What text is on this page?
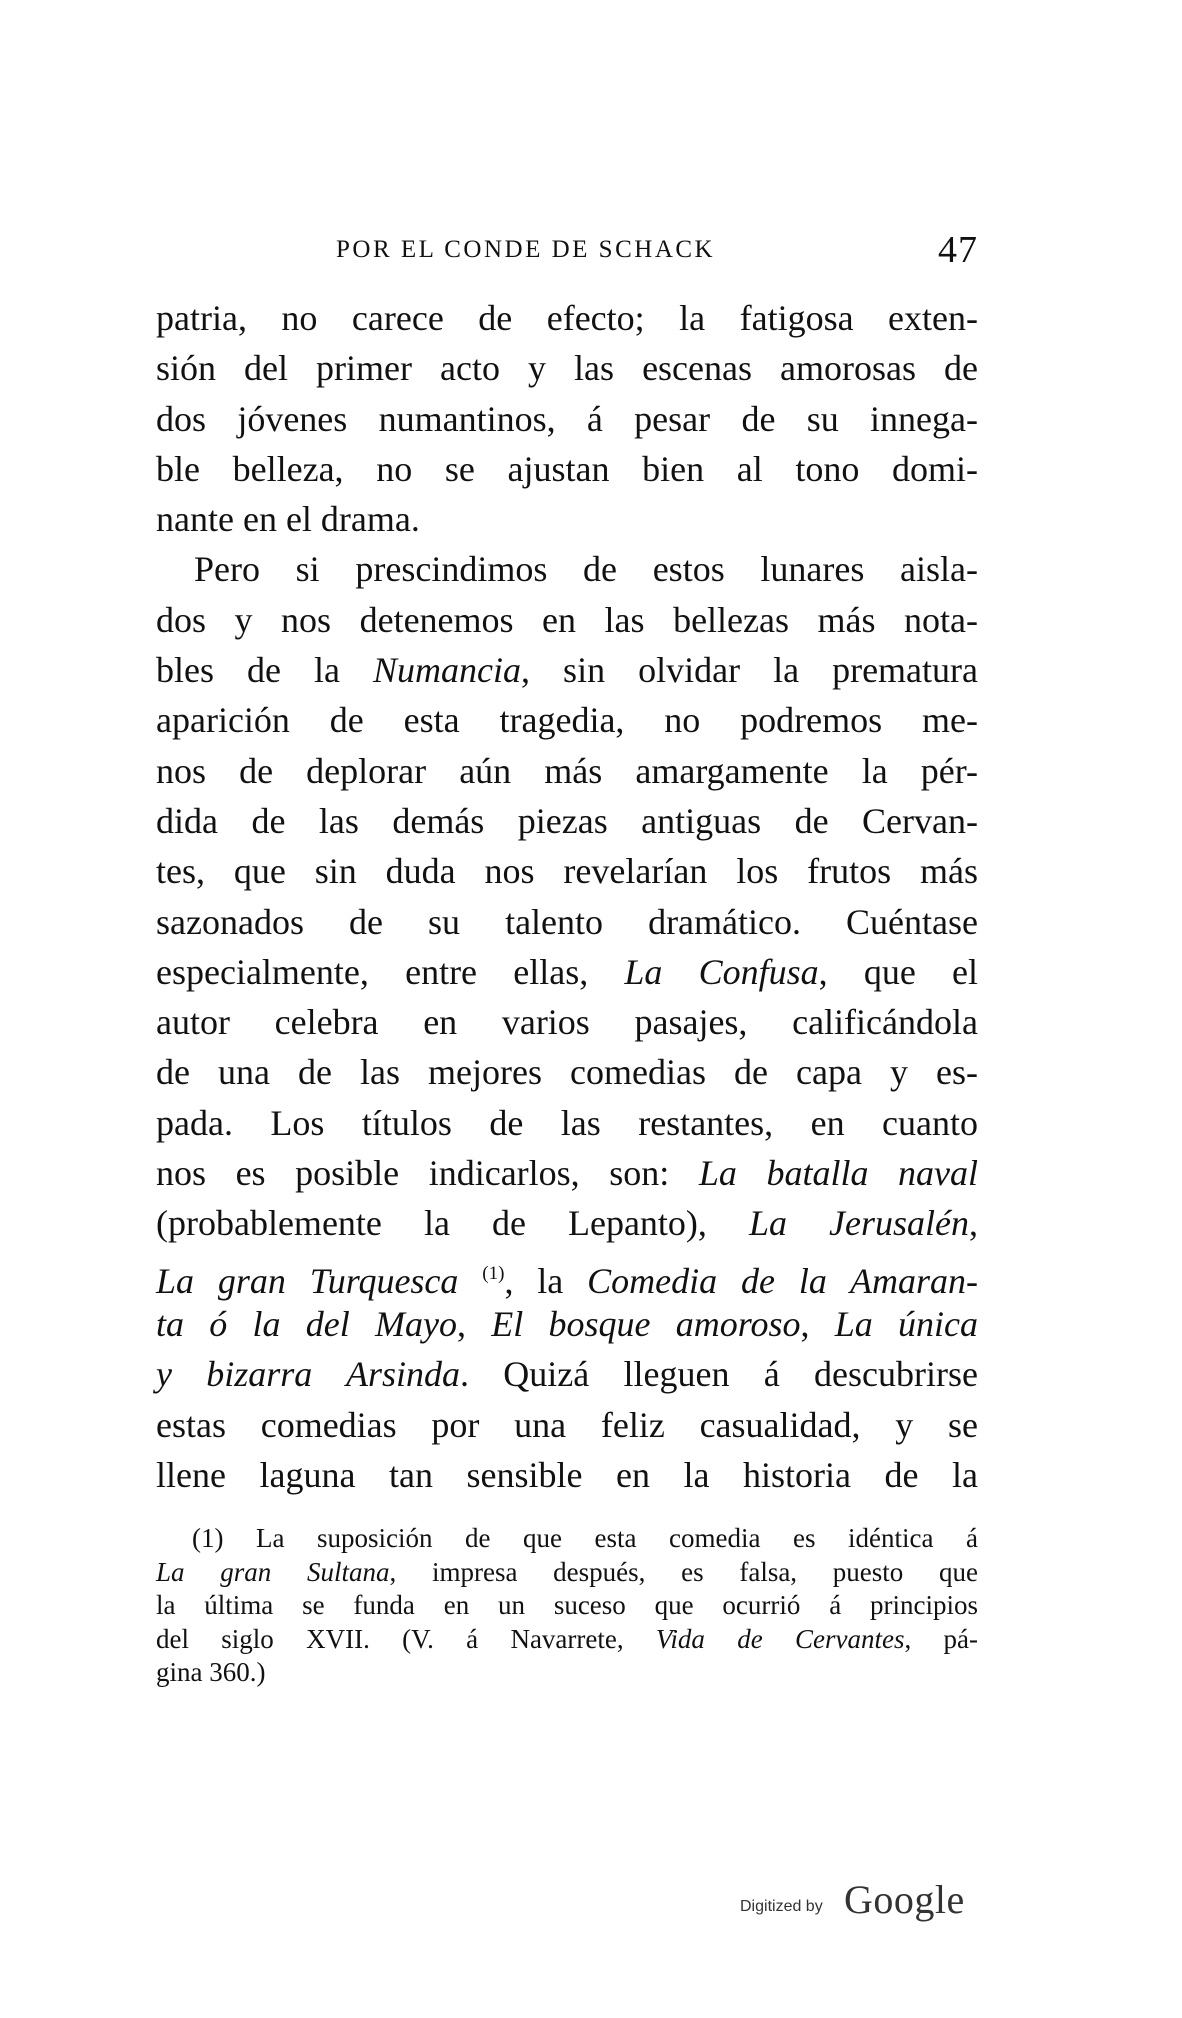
POR EL CONDE DE SCHACK	47
patria, no carece de efecto; la fatigosa exten-
sión del primer acto y las escenas amorosas de
dos jóvenes numantinos, á pesar de su innega-
ble belleza, no se ajustan bien al tono domi-
nante en el drama.
Pero si prescindimos de estos lunares aisla-
dos y nos detenemos en las bellezas más nota-
bles de la Numancia, sin olvidar la prematura
aparición de esta tragedia, no podremos me-
nos de deplorar aún más amargamente la pér-
dida de las demás piezas antiguas de Cervan-
tes, que sin duda nos revelarían los frutos más
sazonados de su talento dramático. Cuéntase
especialmente, entre ellas, La Confusa, que el
autor celebra en varios pasajes, calificándola
de una de las mejores comedias de capa y es-
pada. Los títulos de las restantes, en cuanto
nos es posible indicarlos, son: La batalla naval
(probablemente la de Lepanto), La Jerusalén,
La gran Turquesca $^{(1)}$, la Comedia de la Amaran-
ta ó la del Mayo, El bosque amoroso, La única
y bizarra Arsinda. Quizá lleguen á descubrirse
estas comedias por una feliz casualidad, y se
llene laguna tan sensible en la historia de la
(1) La suposición de que esta comedia es idéntica á
La gran Sultana, impresa después, es falsa, puesto que
la última se funda en un suceso que ocurrió á principios
del siglo XVII. (V. á Navarrete, Vida de Cervantes, pá-
gina 360.)
Digitized by Google
